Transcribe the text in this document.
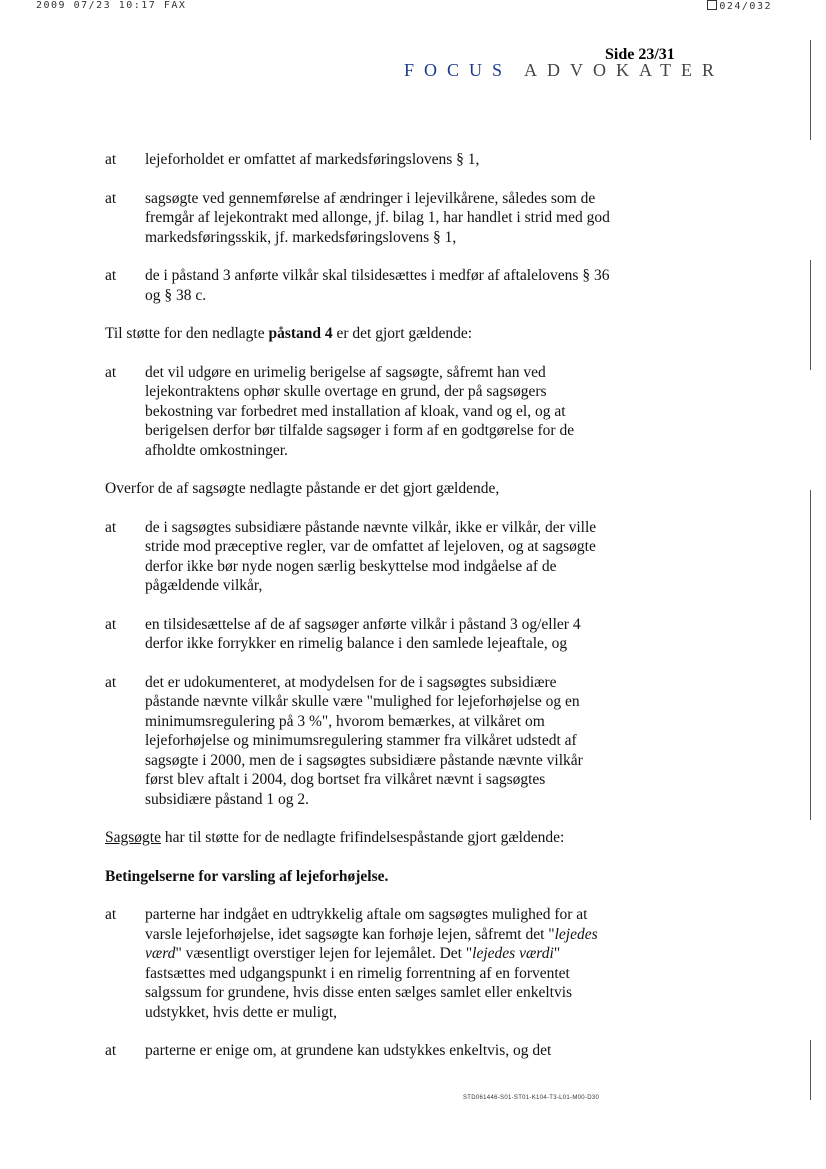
2009 07/23 10:17 FAX	024/032
FOCUS ADVOKATER
Side 23/31
at	lejeforholdet er omfattet af markedsføringslovens § 1,
at	sagsøgte ved gennemførelse af ændringer i lejevilkårene, således som de fremgår af lejekontrakt med allonge, jf. bilag 1, har handlet i strid med god markedsføringsskik, jf. markedsføringslovens § 1,
at	de i påstand 3 anførte vilkår skal tilsidesættes i medfør af aftalelovens § 36 og § 38 c.
Til støtte for den nedlagte påstand 4 er det gjort gældende:
at	det vil udgøre en urimelig berigelse af sagsøgte, såfremt han ved lejekontraktens ophør skulle overtage en grund, der på sagsøgers bekostning var forbedret med installation af kloak, vand og el, og at berigelsen derfor bør tilfalde sagsøger i form af en godtgørelse for de afholdte omkostninger.
Overfor de af sagsøgte nedlagte påstande er det gjort gældende,
at	de i sagsøgtes subsidiære påstande nævnte vilkår, ikke er vilkår, der ville stride mod præceptive regler, var de omfattet af lejeloven, og at sagsøgte derfor ikke bør nyde nogen særlig beskyttelse mod indgåelse af de pågældende vilkår,
at	en tilsidesættelse af de af sagsøger anførte vilkår i påstand 3 og/eller 4 derfor ikke forrykker en rimelig balance i den samlede lejeaftale, og
at	det er udokumenteret, at modydelsen for de i sagsøgtes subsidiære påstande nævnte vilkår skulle være "mulighed for lejeforhøjelse og en minimumsregulering på 3 %", hvorom bemærkes, at vilkåret om lejeforhøjelse og minimumsregulering stammer fra vilkåret udstedt af sagsøgte i 2000, men de i sagsøgtes subsidiære påstande nævnte vilkår først blev aftalt i 2004, dog bortset fra vilkåret nævnt i sagsøgtes subsidiære påstand 1 og 2.
Sagsøgte har til støtte for de nedlagte frifindelsespåstande gjort gældende:
Betingelserne for varsling af lejeforhøjelse.
at	parterne har indgået en udtrykkelig aftale om sagsøgtes mulighed for at varsle lejeforhøjelse, idet sagsøgte kan forhøje lejen, såfremt det "lejedes værd" væsentligt overstiger lejen for lejemålet. Det "lejedes værdi" fastsættes med udgangspunkt i en rimelig forrentning af en forventet salgssum for grundene, hvis disse enten sælges samlet eller enkeltvis udstykket, hvis dette er muligt,
at	parterne er enige om, at grundene kan udstykkes enkeltvis, og det
STD061446-S01-ST01-K104-T3-L01-M00-D30
